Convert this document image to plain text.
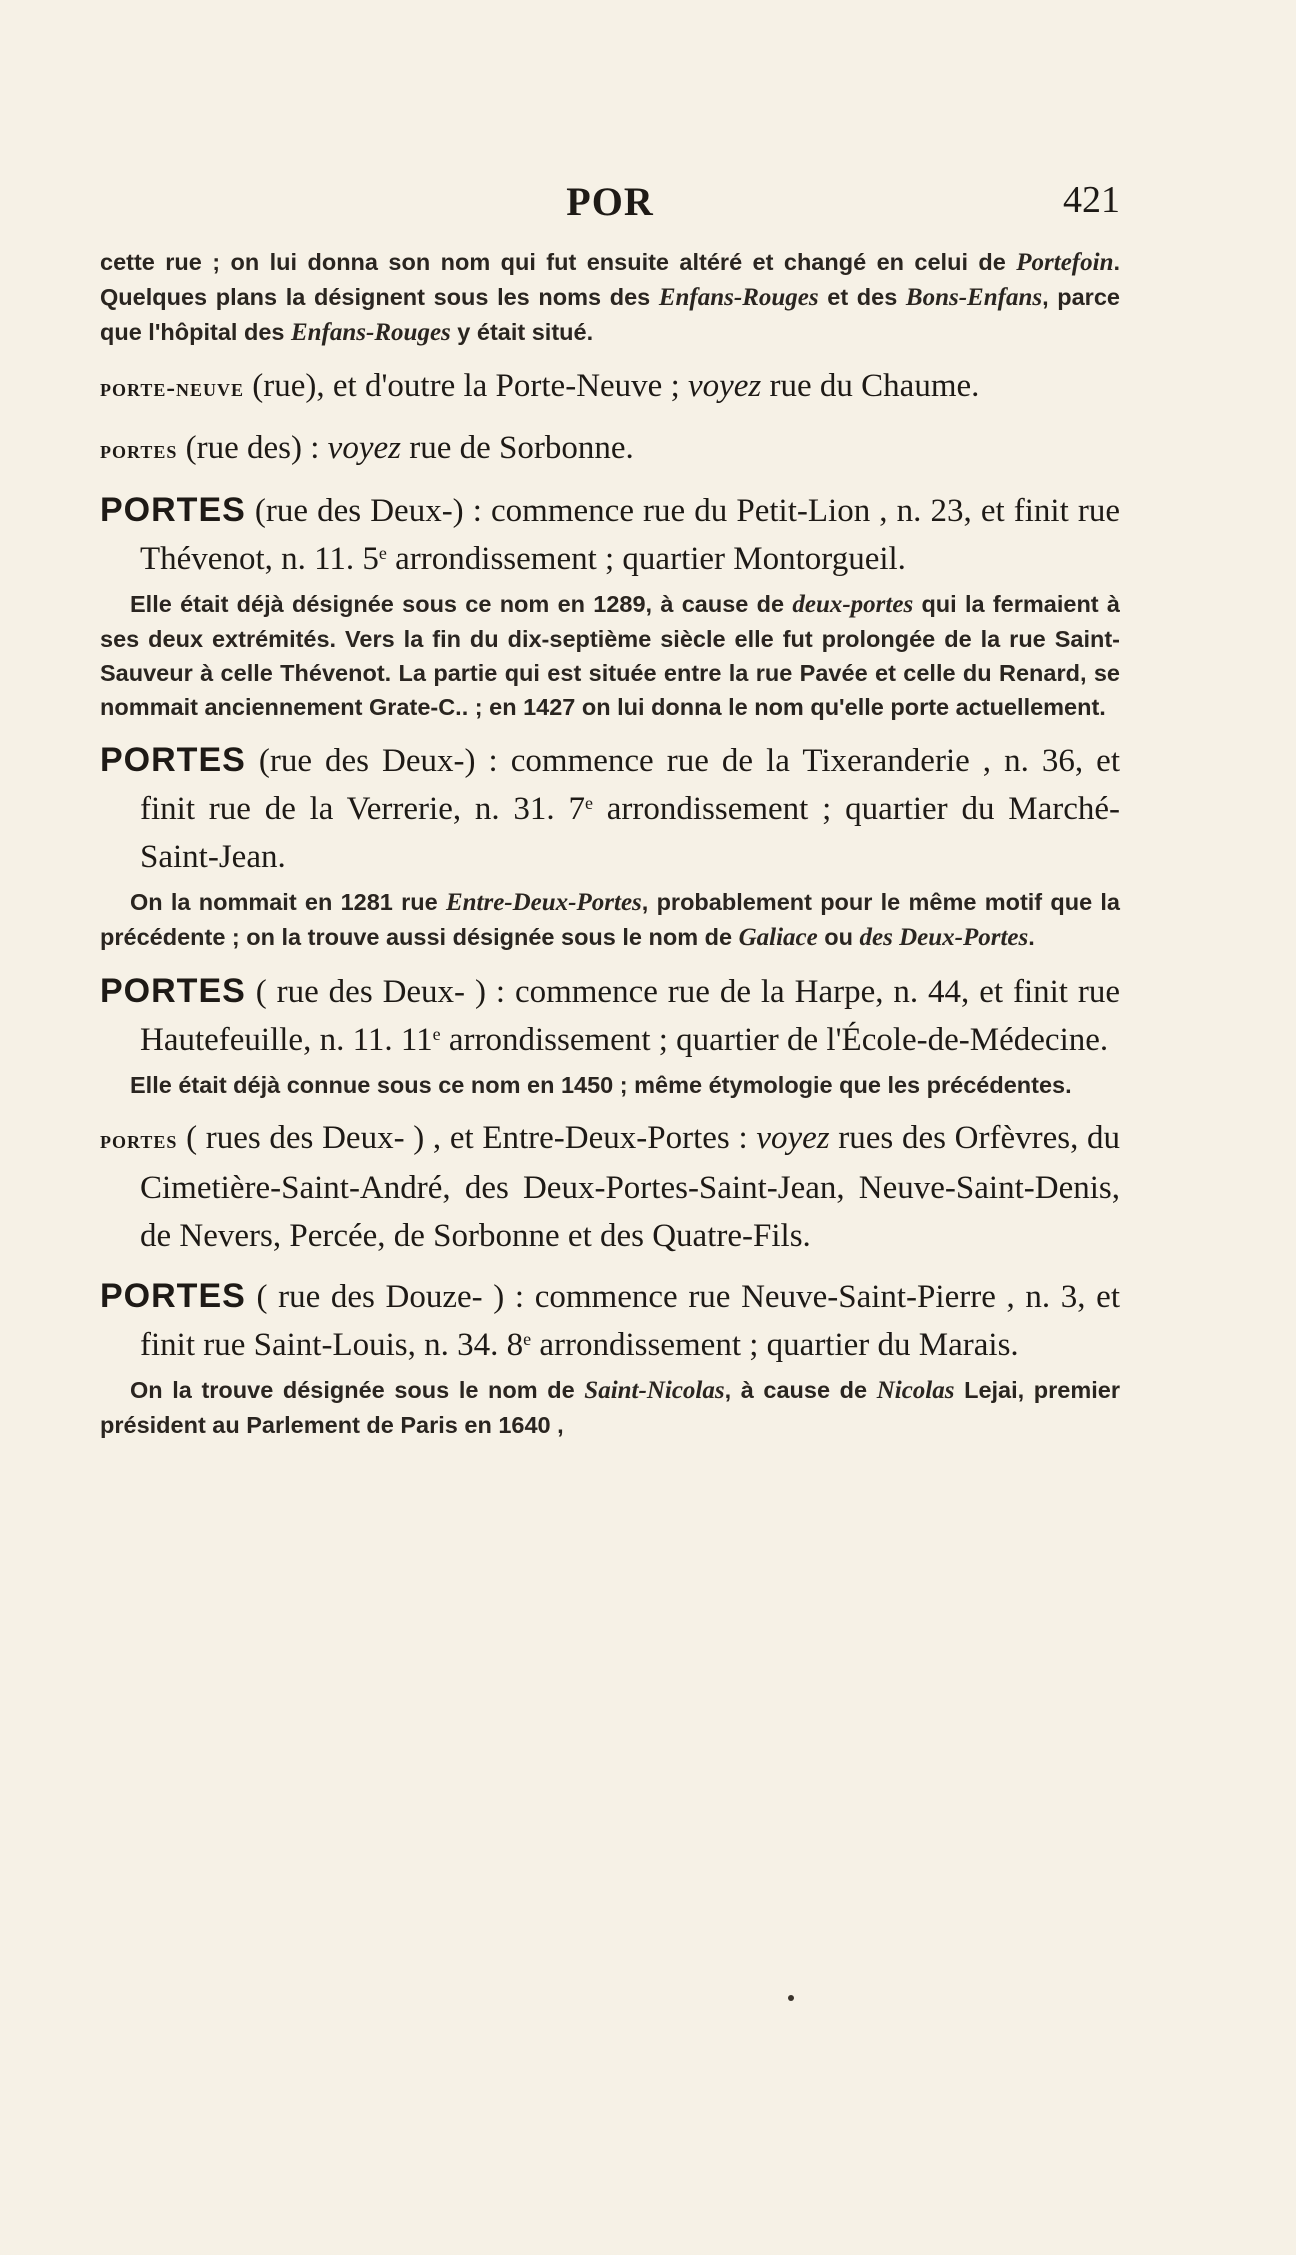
POR	421

cette rue ; on lui donna son nom qui fut ensuite altéré et changé en celui de Portefoin. Quelques plans la désignent sous les noms des Enfans-Rouges et des Bons-Enfans, parce que l'hôpital des Enfans-Rouges y était situé.

porte-neuve (rue), et d'outre la Porte-Neuve ; voyez rue du Chaume.

portes (rue des) : voyez rue de Sorbonne.

PORTES (rue des Deux-) : commence rue du Petit-Lion , n. 23, et finit rue Thévenot, n. 11. 5e arrondissement ; quartier Montorgueil.

Elle était déjà désignée sous ce nom en 1289, à cause de deux-portes qui la fermaient à ses deux extrémités. Vers la fin du dix-septième siècle elle fut prolongée de la rue Saint-Sauveur à celle Thévenot. La partie qui est située entre la rue Pavée et celle du Renard, se nommait anciennement Grate-C.. ; en 1427 on lui donna le nom qu'elle porte actuellement.

PORTES (rue des Deux-) : commence rue de la Tixeranderie , n. 36, et finit rue de la Verrerie, n. 31. 7e arrondissement ; quartier du Marché-Saint-Jean.

On la nommait en 1281 rue Entre-Deux-Portes, probablement pour le même motif que la précédente ; on la trouve aussi désignée sous le nom de Galiace ou des Deux-Portes.

PORTES ( rue des Deux- ) : commence rue de la Harpe, n. 44, et finit rue Hautefeuille, n. 11. 11e arrondissement ; quartier de l'École-de-Médecine.

Elle était déjà connue sous ce nom en 1450 ; même étymologie que les précédentes.

portes ( rues des Deux- ) , et Entre-Deux-Portes : voyez rues des Orfèvres, du Cimetière-Saint-André, des Deux-Portes-Saint-Jean, Neuve-Saint-Denis, de Nevers, Percée, de Sorbonne et des Quatre-Fils.

PORTES ( rue des Douze- ) : commence rue Neuve-Saint-Pierre , n. 3, et finit rue Saint-Louis, n. 34. 8e arrondissement ; quartier du Marais.

On la trouve désignée sous le nom de Saint-Nicolas, à cause de Nicolas Lejai, premier président au Parlement de Paris en 1640 ,
